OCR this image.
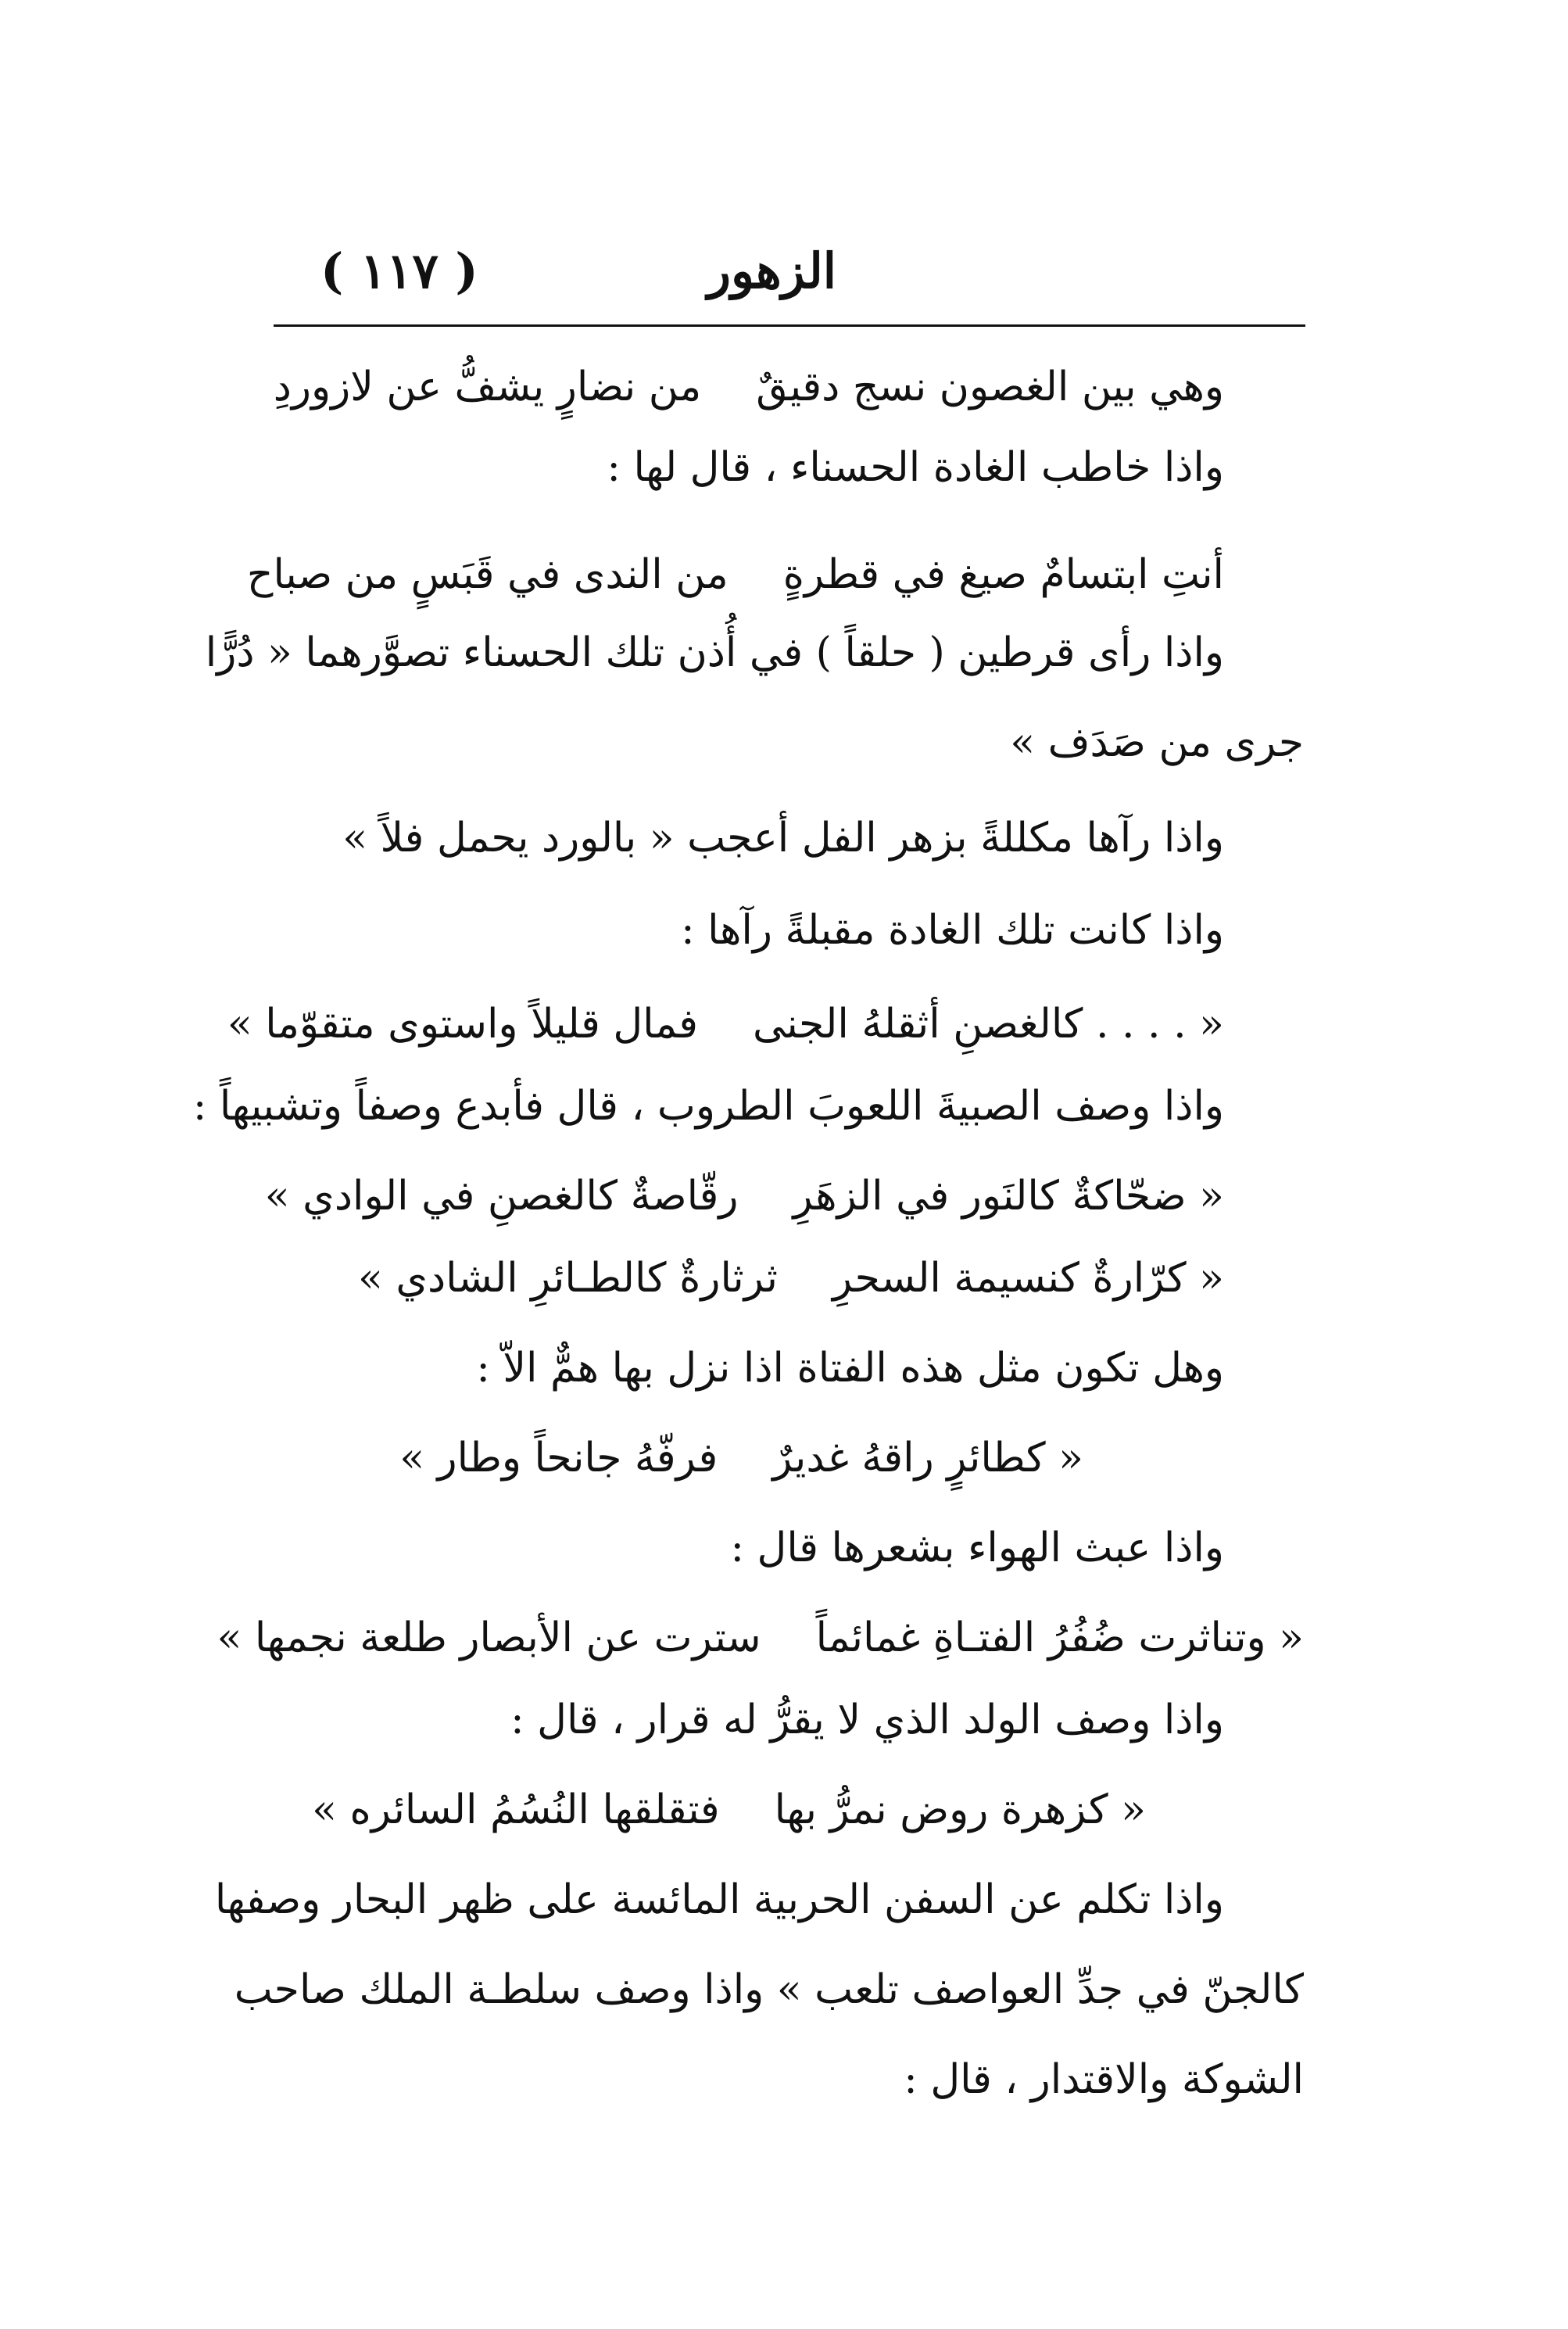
الزهور
( ١١٧ )
وهي بين الغصون نسج دقيقٌمن نضارٍ يشفُّ عن لازوردِ
واذا خاطب الغادة الحسناء ، قال لها :
أنتِ ابتسامٌ صيغ في قطرةٍمن الندى في قَبَسٍ من صباح
واذا رأى قرطين ( حلقاً ) في أُذن تلك الحسناء تصوَّرهما « دُرًّا
جرى من صَدَف »
واذا رآها مكللةً بزهر الفل أعجب « بالورد يحمل فلاً »
واذا كانت تلك الغادة مقبلةً رآها :
« . . . . كالغصنِ أثقلهُ الجنىفمال قليلاً واستوى متقوّما »
واذا وصف الصبيةَ اللعوبَ الطروب ، قال فأبدع وصفاً وتشبيهاً :
« ضحّاكةٌ كالنَور في الزهَرِرقّاصةٌ كالغصنِ في الوادي »
« كرّارةٌ كنسيمة السحرِثرثارةٌ كالطـائرِ الشادي »
وهل تكون مثل هذه الفتاة اذا نزل بها همٌّ الاّ :
« كطائرٍ راقهُ غديرٌفرفّهُ جانحاً وطار »
واذا عبث الهواء بشعرها قال :
« وتناثرت ضُفُرُ الفتـاةِ غمائماًسترت عن الأبصار طلعة نجمها »
واذا وصف الولد الذي لا يقرُّ له قرار ، قال :
« كزهرة روض نمرُّ بهافتقلقها النُسُمُ السائره »
واذا تكلم عن السفن الحربية المائسة على ظهر البحار وصفها
كالجنّ في جدِّ العواصف تلعب » واذا وصف سلطـة الملك صاحب
الشوكة والاقتدار ، قال :
